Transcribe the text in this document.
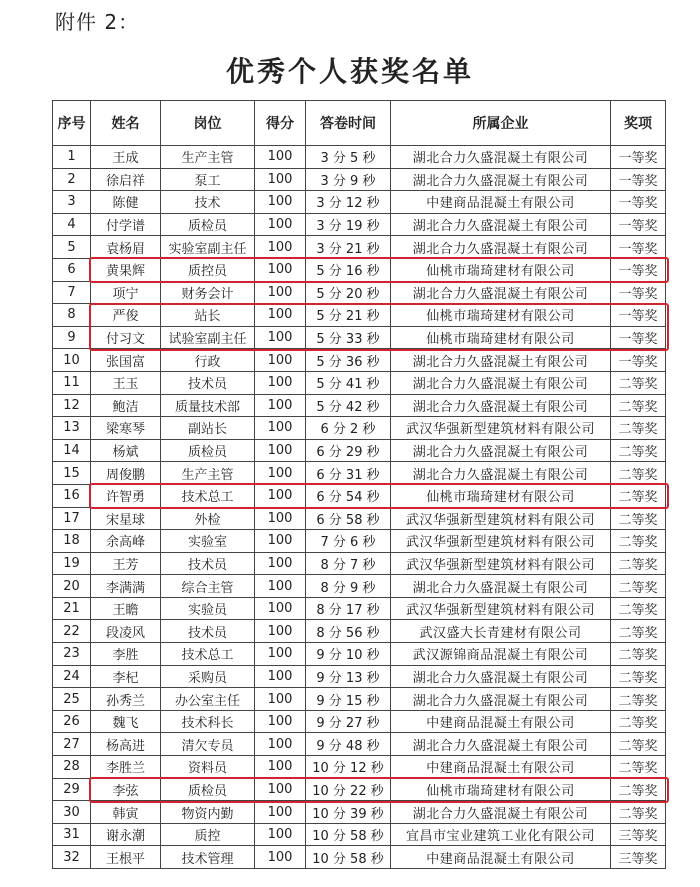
附件 2：
优秀个人获奖名单
序号	姓名	岗位	得分	答卷时间	所属企业	奖项
1	王成	生产主管	100	3 分 5 秒	湖北合力久盛混凝土有限公司	一等奖
2	徐启祥	泵工	100	3 分 9 秒	湖北合力久盛混凝土有限公司	一等奖
3	陈健	技术	100	3 分 12 秒	中建商品混凝土有限公司	一等奖
4	付学谱	质检员	100	3 分 19 秒	湖北合力久盛混凝土有限公司	一等奖
5	袁杨眉	实验室副主任	100	3 分 21 秒	湖北合力久盛混凝土有限公司	一等奖
6	黄果辉	质控员	100	5 分 16 秒	仙桃市瑞琦建材有限公司	一等奖
7	项宁	财务会计	100	5 分 20 秒	湖北合力久盛混凝土有限公司	一等奖
8	严俊	站长	100	5 分 21 秒	仙桃市瑞琦建材有限公司	一等奖
9	付习文	试验室副主任	100	5 分 33 秒	仙桃市瑞琦建材有限公司	一等奖
10	张国富	行政	100	5 分 36 秒	湖北合力久盛混凝土有限公司	一等奖
11	王玉	技术员	100	5 分 41 秒	湖北合力久盛混凝土有限公司	二等奖
12	鲍洁	质量技术部	100	5 分 42 秒	湖北合力久盛混凝土有限公司	二等奖
13	梁寒琴	副站长	100	6 分 2 秒	武汉华强新型建筑材料有限公司	二等奖
14	杨斌	质检员	100	6 分 29 秒	湖北合力久盛混凝土有限公司	二等奖
15	周俊鹏	生产主管	100	6 分 31 秒	湖北合力久盛混凝土有限公司	二等奖
16	许智勇	技术总工	100	6 分 54 秒	仙桃市瑞琦建材有限公司	二等奖
17	宋星球	外检	100	6 分 58 秒	武汉华强新型建筑材料有限公司	二等奖
18	余高峰	实验室	100	7 分 6 秒	武汉华强新型建筑材料有限公司	二等奖
19	王芳	技术员	100	8 分 7 秒	武汉华强新型建筑材料有限公司	二等奖
20	李满满	综合主管	100	8 分 9 秒	湖北合力久盛混凝土有限公司	二等奖
21	王瞻	实验员	100	8 分 17 秒	武汉华强新型建筑材料有限公司	二等奖
22	段凌风	技术员	100	8 分 56 秒	武汉盛大长青建材有限公司	二等奖
23	李胜	技术总工	100	9 分 10 秒	武汉源锦商品混凝土有限公司	二等奖
24	李杞	采购员	100	9 分 13 秒	湖北合力久盛混凝土有限公司	二等奖
25	孙秀兰	办公室主任	100	9 分 15 秒	湖北合力久盛混凝土有限公司	二等奖
26	魏飞	技术科长	100	9 分 27 秒	中建商品混凝土有限公司	二等奖
27	杨高进	清欠专员	100	9 分 48 秒	湖北合力久盛混凝土有限公司	二等奖
28	李胜兰	资料员	100	10 分 12 秒	中建商品混凝土有限公司	二等奖
29	李弦	质检员	100	10 分 22 秒	仙桃市瑞琦建材有限公司	二等奖
30	韩寅	物资内勤	100	10 分 39 秒	湖北合力久盛混凝土有限公司	二等奖
31	谢永潮	质控	100	10 分 58 秒	宜昌市宝业建筑工业化有限公司	三等奖
32	王根平	技术管理	100	10 分 58 秒	中建商品混凝土有限公司	三等奖
